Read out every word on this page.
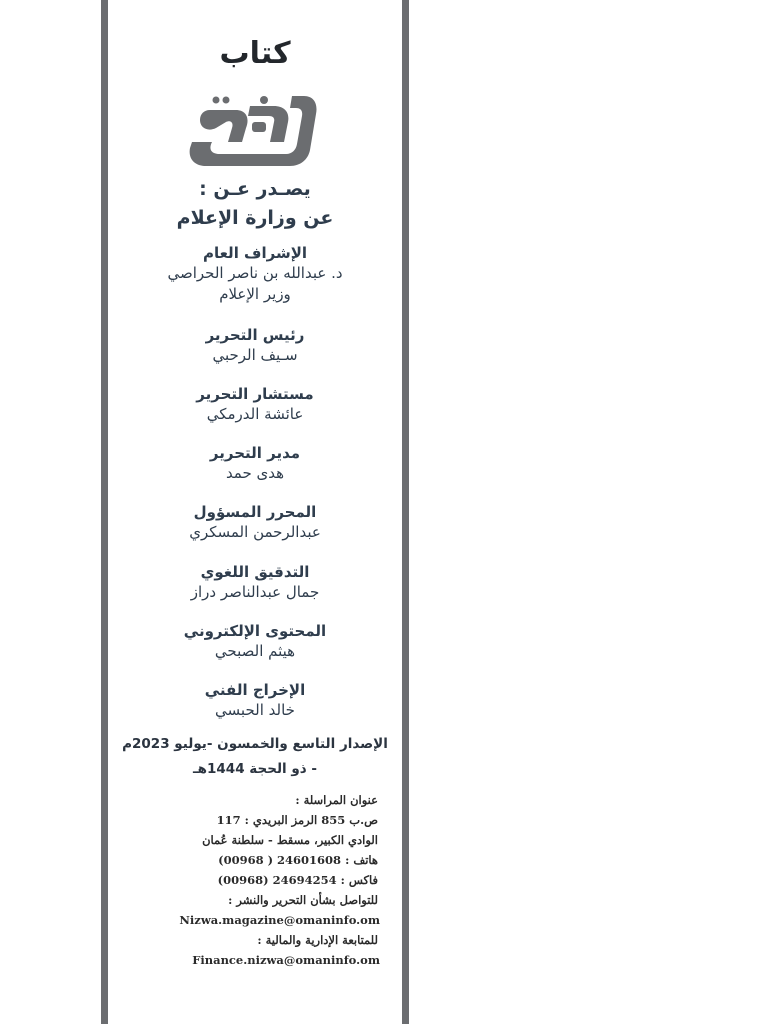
كتاب
يصـدر عـن :
عن وزارة الإعلام
الإشراف العام
د. عبدالله بن ناصر الحراصي
وزير الإعلام
رئيس التحرير
سـيف الرحبي
مستشار التحرير
عائشة الدرمكي
مدير التحرير
هدى حمد
المحرر المسؤول
عبدالرحمن المسكري
التدقيق اللغوي
جمال عبدالناصر دراز
المحتوى الإلكتروني
هيثم الصبحي
الإخراج الفني
خالد الحبسي
الإصدار التاسع والخمسون -يوليو 2023م
- ذو الحجة 1444هـ
عنوان المراسلة :
ص.ب 855 الرمز البريدي : 117
الوادي الكبير، مسقط - سلطنة عُمان
هاتف : 24601608 ( 00968)
فاكس : 24694254 (00968)
للتواصل بشأن التحرير والنشر :
Nizwa.magazine@omaninfo.om
للمتابعة الإدارية والمالية :
Finance.nizwa@omaninfo.om
